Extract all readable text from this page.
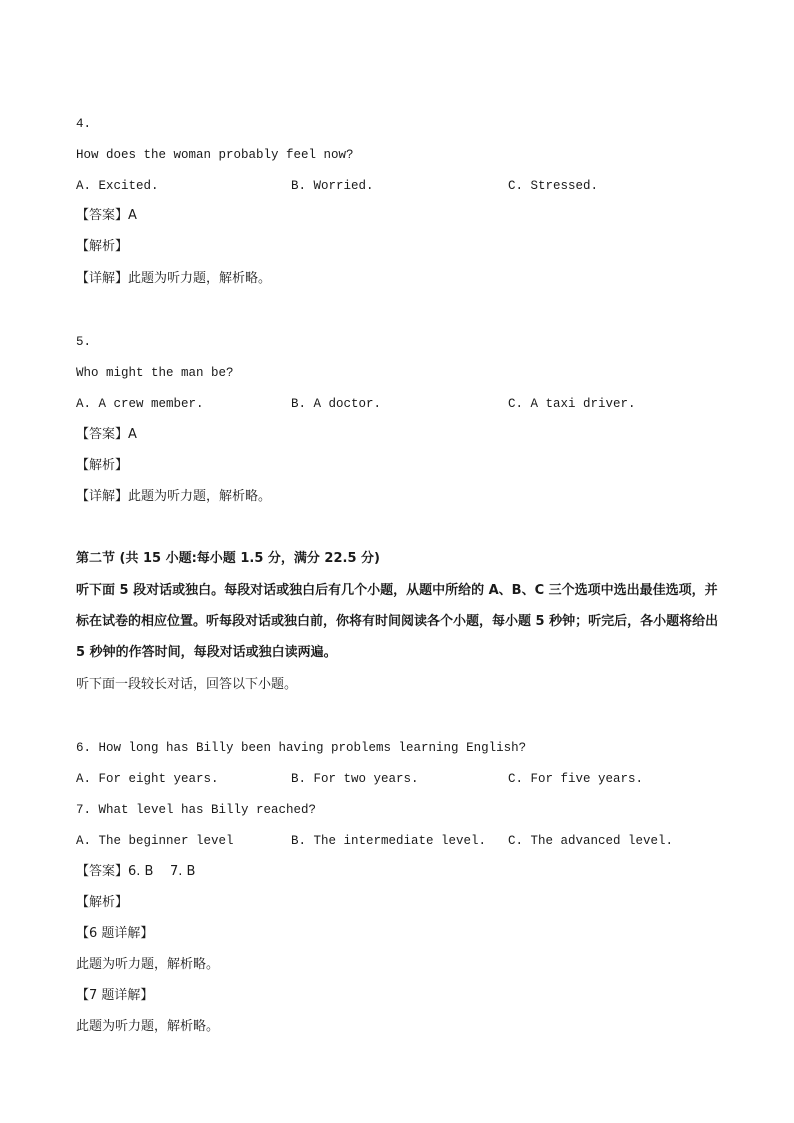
4.
How does the woman probably feel now?
A. Excited.	B. Worried.	C. Stressed.
【答案】A
【解析】
【详解】此题为听力题，解析略。
5.
Who might the man be?
A. A crew member.	B. A doctor.	C. A taxi driver.
【答案】A
【解析】
【详解】此题为听力题，解析略。
第二节 (共 15 小题:每小题 1.5 分，满分 22.5 分)
听下面 5 段对话或独白。每段对话或独白后有几个小题，从题中所给的 A、B、C 三个选项中选出最佳选项，并标在试卷的相应位置。听每段对话或独白前，你将有时间阅读各个小题，每小题 5 秒钟；听完后，各小题将给出 5 秒钟的作答时间，每段对话或独白读两遍。
听下面一段较长对话，回答以下小题。
6. How long has Billy been having problems learning English?
A. For eight years.	B. For two years.	C. For five years.
7. What level has Billy reached?
A. The beginner level	B. The intermediate level. C. The advanced level.
【答案】6. B    7. B
【解析】
【6 题详解】
此题为听力题，解析略。
【7 题详解】
此题为听力题，解析略。
